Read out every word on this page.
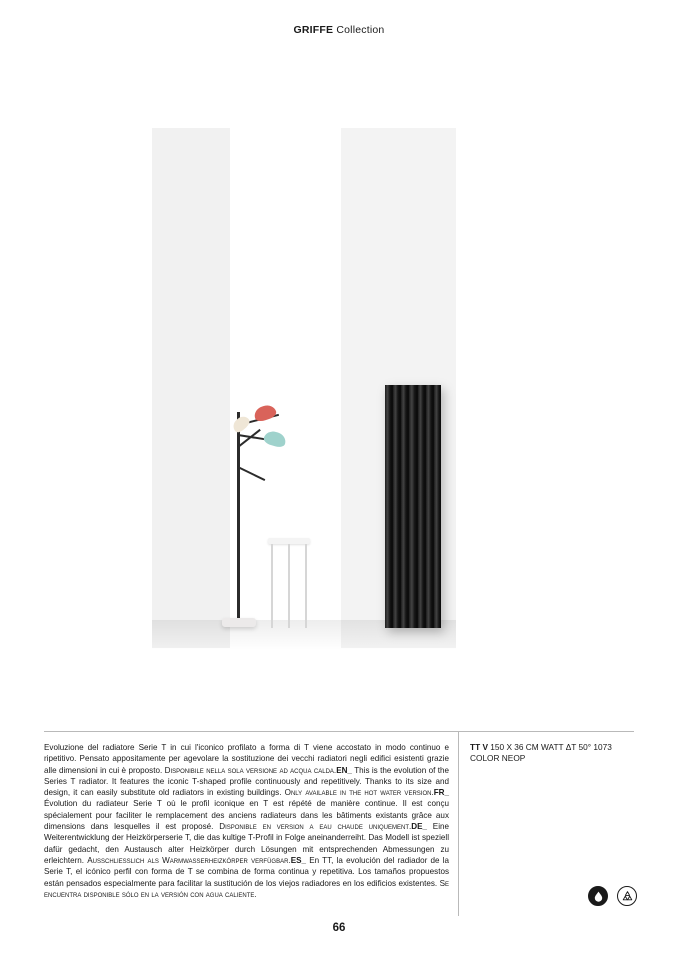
GRIFFE Collection
Evoluzione del radiatore Serie T in cui l'iconico profilato a forma di T viene accostato in modo continuo e ripetitivo. Pensato appositamente per agevolare la sostituzione dei vecchi radiatori negli edifici esistenti grazie alle dimensioni in cui è proposto. Disponibile nella sola versione ad acqua calda.EN_ This is the evolution of the Series T radiator. It features the iconic T-shaped profile continuously and repetitively. Thanks to its size and design, it can easily substitute old radiators in existing buildings. Only available in the hot water version.FR_ Évolution du radiateur Serie T où le profil iconique en T est répété de manière continue. Il est conçu spécialement pour faciliter le remplacement des anciens radiateurs dans les bâtiments existants grâce aux dimensions dans lesquelles il est proposé. Disponible en version a eau chaude uniquement.DE_ Eine Weiterentwicklung der Heizkörperserie T, die das kultige T-Profil in Folge aneinanderreiht. Das Modell ist speziell dafür gedacht, den Austausch alter Heizkörper durch Lösungen mit entsprechenden Abmessungen zu erleichtern. Ausschliesslich als Warmwasserheizkörper verfügbar.ES_ En TT, la evolución del radiador de la Serie T, el icónico perfil con forma de T se combina de forma continua y repetitiva. Los tamaños propuestos están pensados especialmente para facilitar la sustitución de los viejos radiadores en los edificios existentes. Se encuentra disponible sólo en la versión con agua caliente.
TT V 150 X 36 CM WATT ΔT 50° 1073
COLOR NEOP
66
